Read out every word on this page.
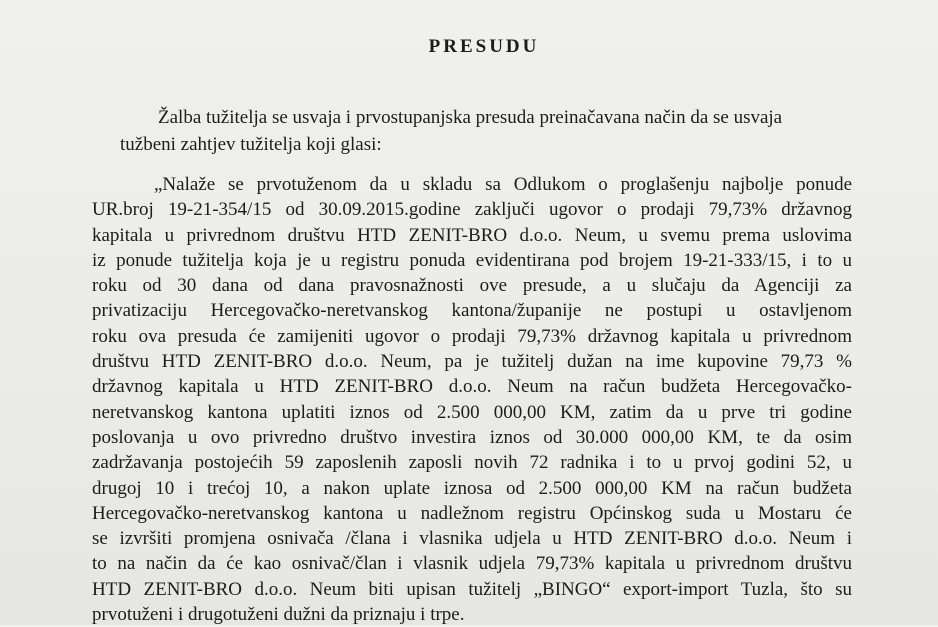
PRESUDU
Žalba tužitelja se usvaja i prvostupanjska presuda preinačavana način da se usvaja
tužbeni zahtjev tužitelja koji glasi:
„Nalaže se prvotuženom da u skladu sa Odlukom o proglašenju najbolje ponude
UR.broj 19-21-354/15 od 30.09.2015.godine zaključi ugovor o prodaji 79,73% državnog
kapitala u privrednom društvu HTD ZENIT-BRO d.o.o. Neum, u svemu prema uslovima
iz ponude tužitelja koja je u registru ponuda evidentirana pod brojem 19-21-333/15, i to u
roku od 30 dana od dana pravosnažnosti ove presude, a u slučaju da Agenciji za
privatizaciju Hercegovačko-neretvanskog kantona/županije ne postupi u ostavljenom
roku ova presuda će zamijeniti ugovor o prodaji 79,73% državnog kapitala u privrednom
društvu HTD ZENIT-BRO d.o.o. Neum, pa je tužitelj dužan na ime kupovine 79,73 %
državnog kapitala u HTD ZENIT-BRO d.o.o. Neum na račun budžeta Hercegovačko-
neretvanskog kantona uplatiti iznos od 2.500 000,00 KM, zatim da u prve tri godine
poslovanja u ovo privredno društvo investira iznos od 30.000 000,00 KM, te da osim
zadržavanja postojećih 59 zaposlenih zaposli novih 72 radnika i to u prvoj godini 52, u
drugoj 10 i trećoj 10, a nakon uplate iznosa od 2.500 000,00 KM na račun budžeta
Hercegovačko-neretvanskog kantona u nadležnom registru Općinskog suda u Mostaru će
se izvršiti promjena osnivača /člana i vlasnika udjela u HTD ZENIT-BRO d.o.o. Neum i
to na način da će kao osnivač/član i vlasnik udjela 79,73% kapitala u privrednom društvu
HTD ZENIT-BRO d.o.o. Neum biti upisan tužitelj „BINGO“ export-import Tuzla, što su
prvotuženi i drugotuženi dužni da priznaju i trpe.
